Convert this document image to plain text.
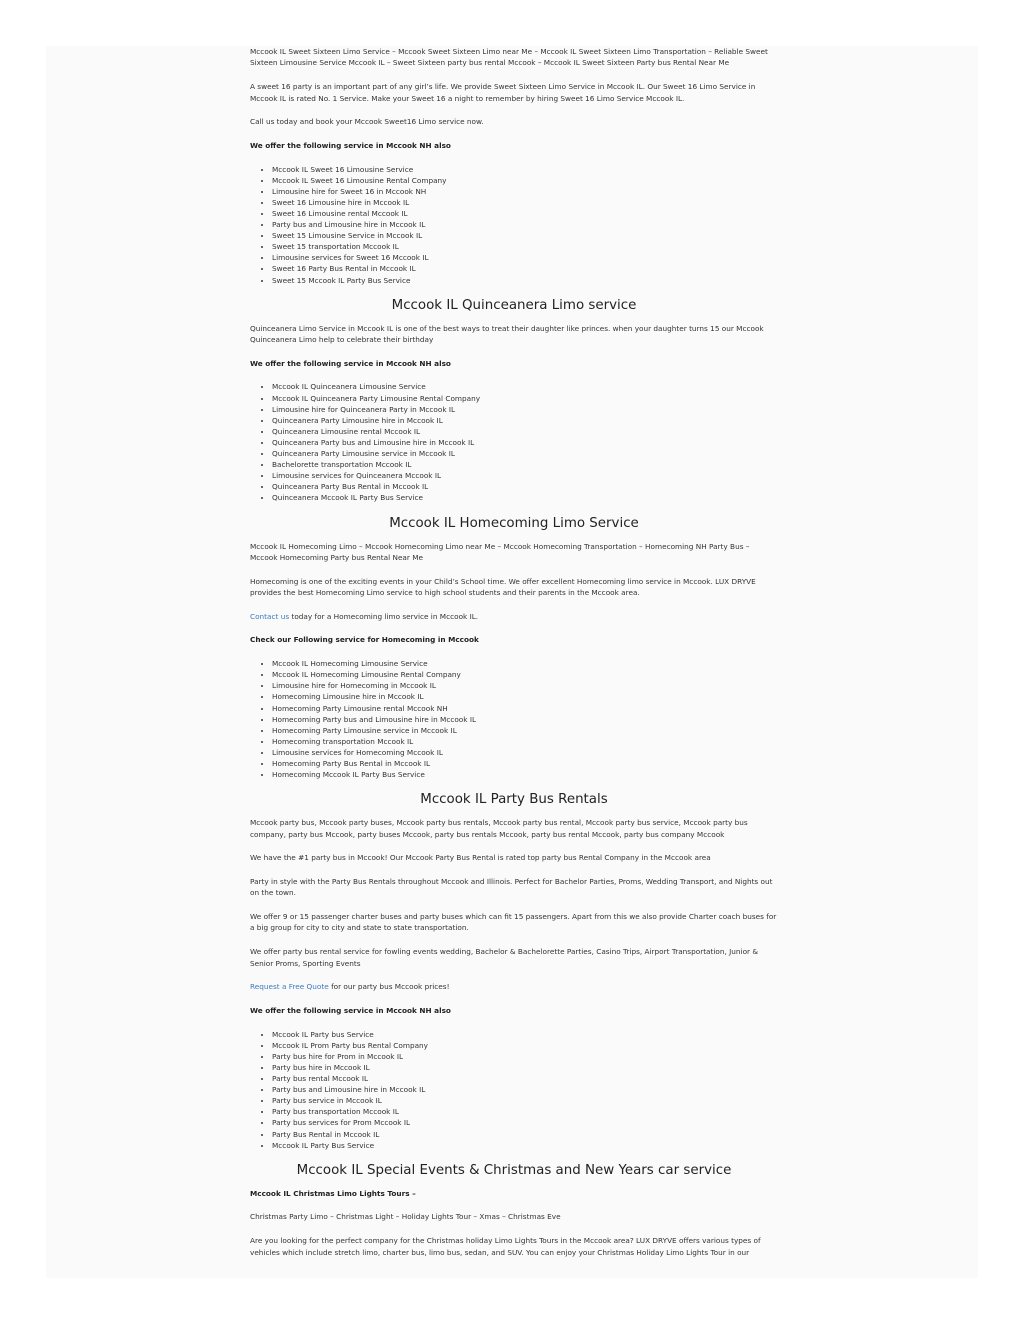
Mccook IL Sweet Sixteen Limo Service – Mccook Sweet Sixteen Limo near Me – Mccook IL Sweet Sixteen Limo Transportation – Reliable Sweet Sixteen Limousine Service Mccook IL – Sweet Sixteen party bus rental Mccook – Mccook IL Sweet Sixteen Party bus Rental Near Me

A sweet 16 party is an important part of any girl’s life. We provide Sweet Sixteen Limo Service in Mccook IL. Our Sweet 16 Limo Service in Mccook IL is rated No. 1 Service. Make your Sweet 16 a night to remember by hiring Sweet 16 Limo Service Mccook IL.

Call us today and book your Mccook Sweet16 Limo service now.

We offer the following service in Mccook NH also

• Mccook IL Sweet 16 Limousine Service
• Mccook IL Sweet 16 Limousine Rental Company
• Limousine hire for Sweet 16 in Mccook NH
• Sweet 16 Limousine hire in Mccook IL
• Sweet 16 Limousine rental Mccook IL
• Party bus and Limousine hire in Mccook IL
• Sweet 15 Limousine Service in Mccook IL
• Sweet 15 transportation Mccook IL
• Limousine services for Sweet 16 Mccook IL
• Sweet 16 Party Bus Rental in Mccook IL
• Sweet 15 Mccook IL Party Bus Service
Mccook IL Quinceanera Limo service

Quinceanera Limo Service in Mccook IL is one of the best ways to treat their daughter like princes. when your daughter turns 15 our Mccook Quinceanera Limo help to celebrate their birthday

We offer the following service in Mccook NH also

• Mccook IL Quinceanera Limousine Service
• Mccook IL Quinceanera Party Limousine Rental Company
• Limousine hire for Quinceanera Party in Mccook IL
• Quinceanera Party Limousine hire in Mccook IL
• Quinceanera Limousine rental Mccook IL
• Quinceanera Party bus and Limousine hire in Mccook IL
• Quinceanera Party Limousine service in Mccook IL
• Bachelorette transportation Mccook IL
• Limousine services for Quinceanera Mccook IL
• Quinceanera Party Bus Rental in Mccook IL
• Quinceanera Mccook IL Party Bus Service
Mccook IL Homecoming Limo Service

Mccook IL Homecoming Limo – Mccook Homecoming Limo near Me – Mccook Homecoming Transportation – Homecoming NH Party Bus – Mccook Homecoming Party bus Rental Near Me

Homecoming is one of the exciting events in your Child’s School time. We offer excellent Homecoming limo service in Mccook. LUX DRYVE provides the best Homecoming Limo service to high school students and their parents in the Mccook area.

Contact us today for a Homecoming limo service in Mccook IL.

Check our Following service for Homecoming in Mccook

• Mccook IL Homecoming Limousine Service
• Mccook IL Homecoming Limousine Rental Company
• Limousine hire for Homecoming in Mccook IL
• Homecoming Limousine hire in Mccook IL
• Homecoming Party Limousine rental Mccook NH
• Homecoming Party bus and Limousine hire in Mccook IL
• Homecoming Party Limousine service in Mccook IL
• Homecoming transportation Mccook IL
• Limousine services for Homecoming Mccook IL
• Homecoming Party Bus Rental in Mccook IL
• Homecoming Mccook IL Party Bus Service
Mccook IL Party Bus Rentals

Mccook party bus, Mccook party buses, Mccook party bus rentals, Mccook party bus rental, Mccook party bus service, Mccook party bus company, party bus Mccook, party buses Mccook, party bus rentals Mccook, party bus rental Mccook, party bus company Mccook

We have the #1 party bus in Mccook! Our Mccook Party Bus Rental is rated top party bus Rental Company in the Mccook area

Party in style with the Party Bus Rentals throughout Mccook and Illinois. Perfect for Bachelor Parties, Proms, Wedding Transport, and Nights out on the town.

We offer 9 or 15 passenger charter buses and party buses which can fit 15 passengers. Apart from this we also provide Charter coach buses for a big group for city to city and state to state transportation.

We offer party bus rental service for fowling events wedding, Bachelor & Bachelorette Parties, Casino Trips, Airport Transportation, Junior & Senior Proms, Sporting Events

Request a Free Quote for our party bus Mccook prices!

We offer the following service in Mccook NH also

• Mccook IL Party bus Service
• Mccook IL Prom Party bus Rental Company
• Party bus hire for Prom in Mccook IL
• Party bus hire in Mccook IL
• Party bus rental Mccook IL
• Party bus and Limousine hire in Mccook IL
• Party bus service in Mccook IL
• Party bus transportation Mccook IL
• Party bus services for Prom Mccook IL
• Party Bus Rental in Mccook IL
• Mccook IL Party Bus Service
Mccook IL Special Events & Christmas and New Years car service

Mccook IL Christmas Limo Lights Tours –

Christmas Party Limo – Christmas Light – Holiday Lights Tour – Xmas – Christmas Eve

Are you looking for the perfect company for the Christmas holiday Limo Lights Tours in the Mccook area? LUX DRYVE offers various types of vehicles which include stretch limo, charter bus, limo bus, sedan, and SUV. You can enjoy your Christmas Holiday Limo Lights Tour in our
